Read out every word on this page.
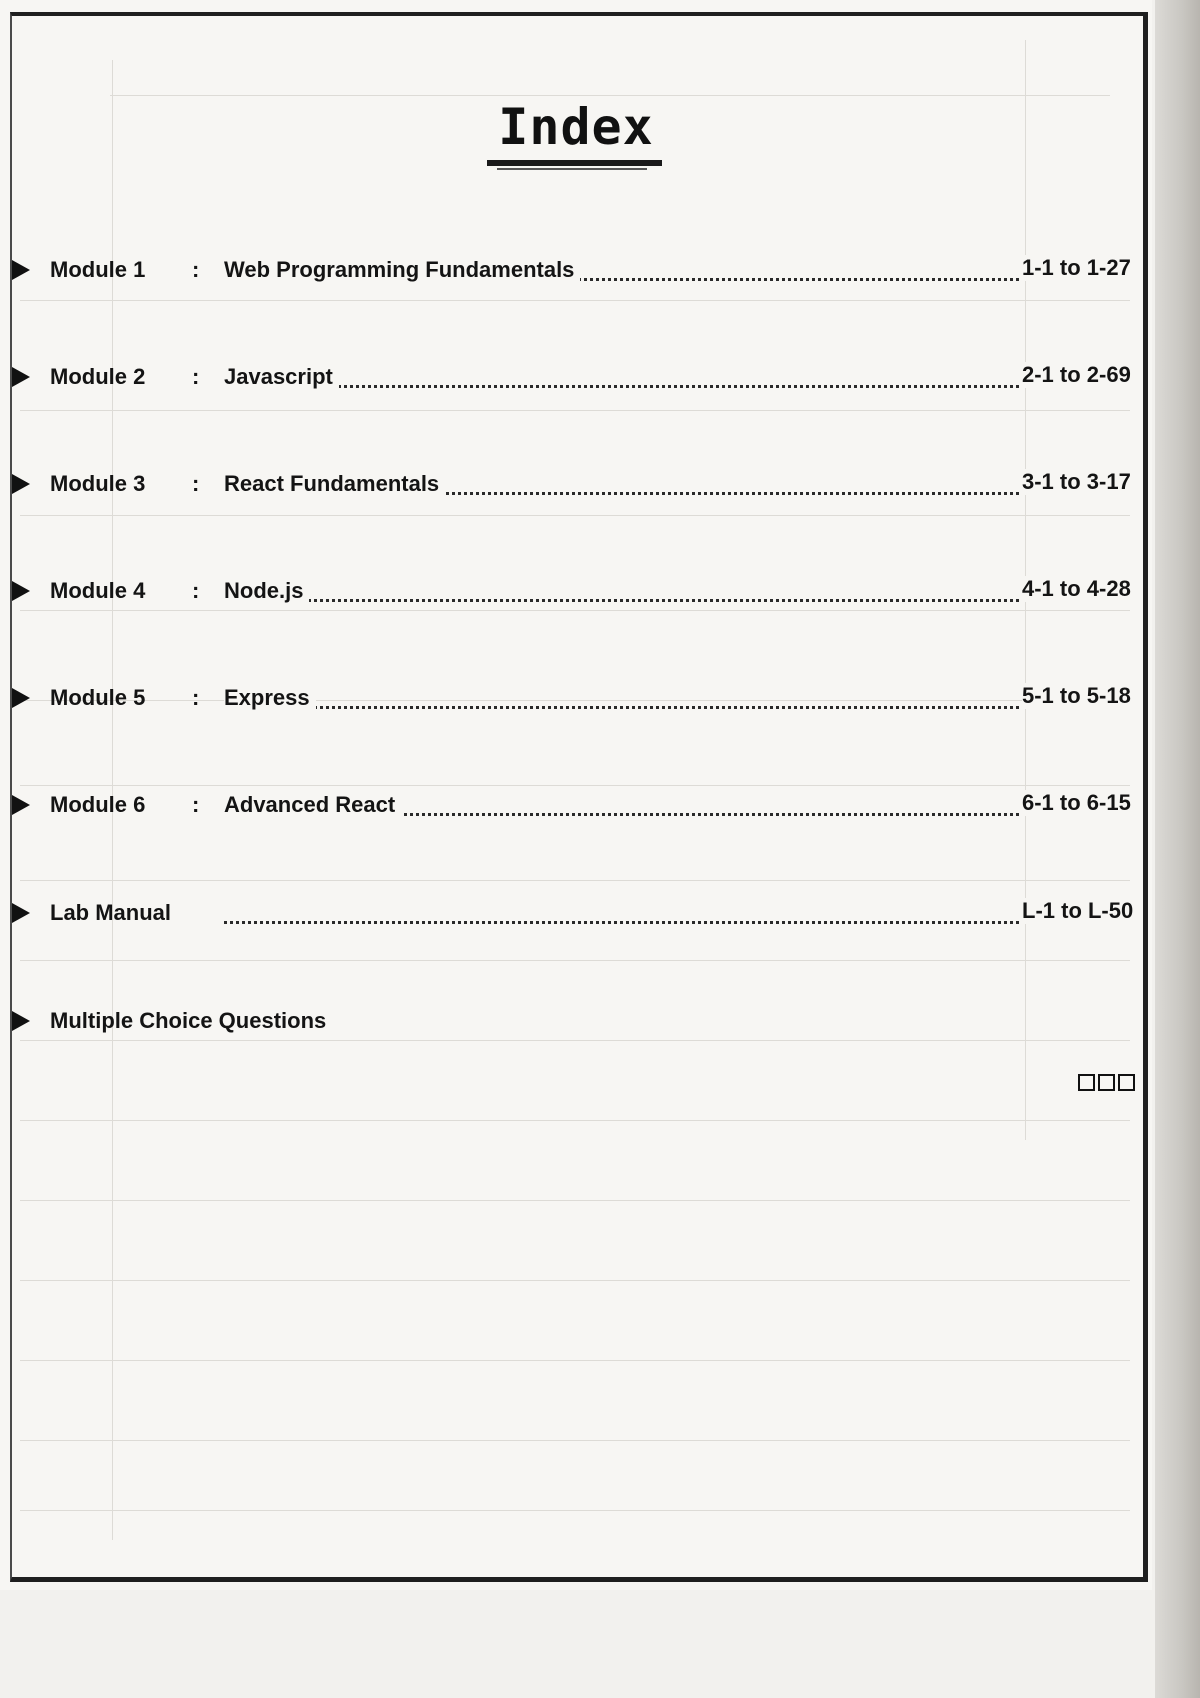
Index
Module 1 : Web Programming Fundamentals	1-1 to 1-27
Module 2 : Javascript	2-1 to 2-69
Module 3 : React Fundamentals	3-1 to 3-17
Module 4 : Node.js	4-1 to 4-28
Module 5 : Express	5-1 to 5-18
Module 6 : Advanced React	6-1 to 6-15
Lab Manual	L-1 to L-50
Multiple Choice Questions
